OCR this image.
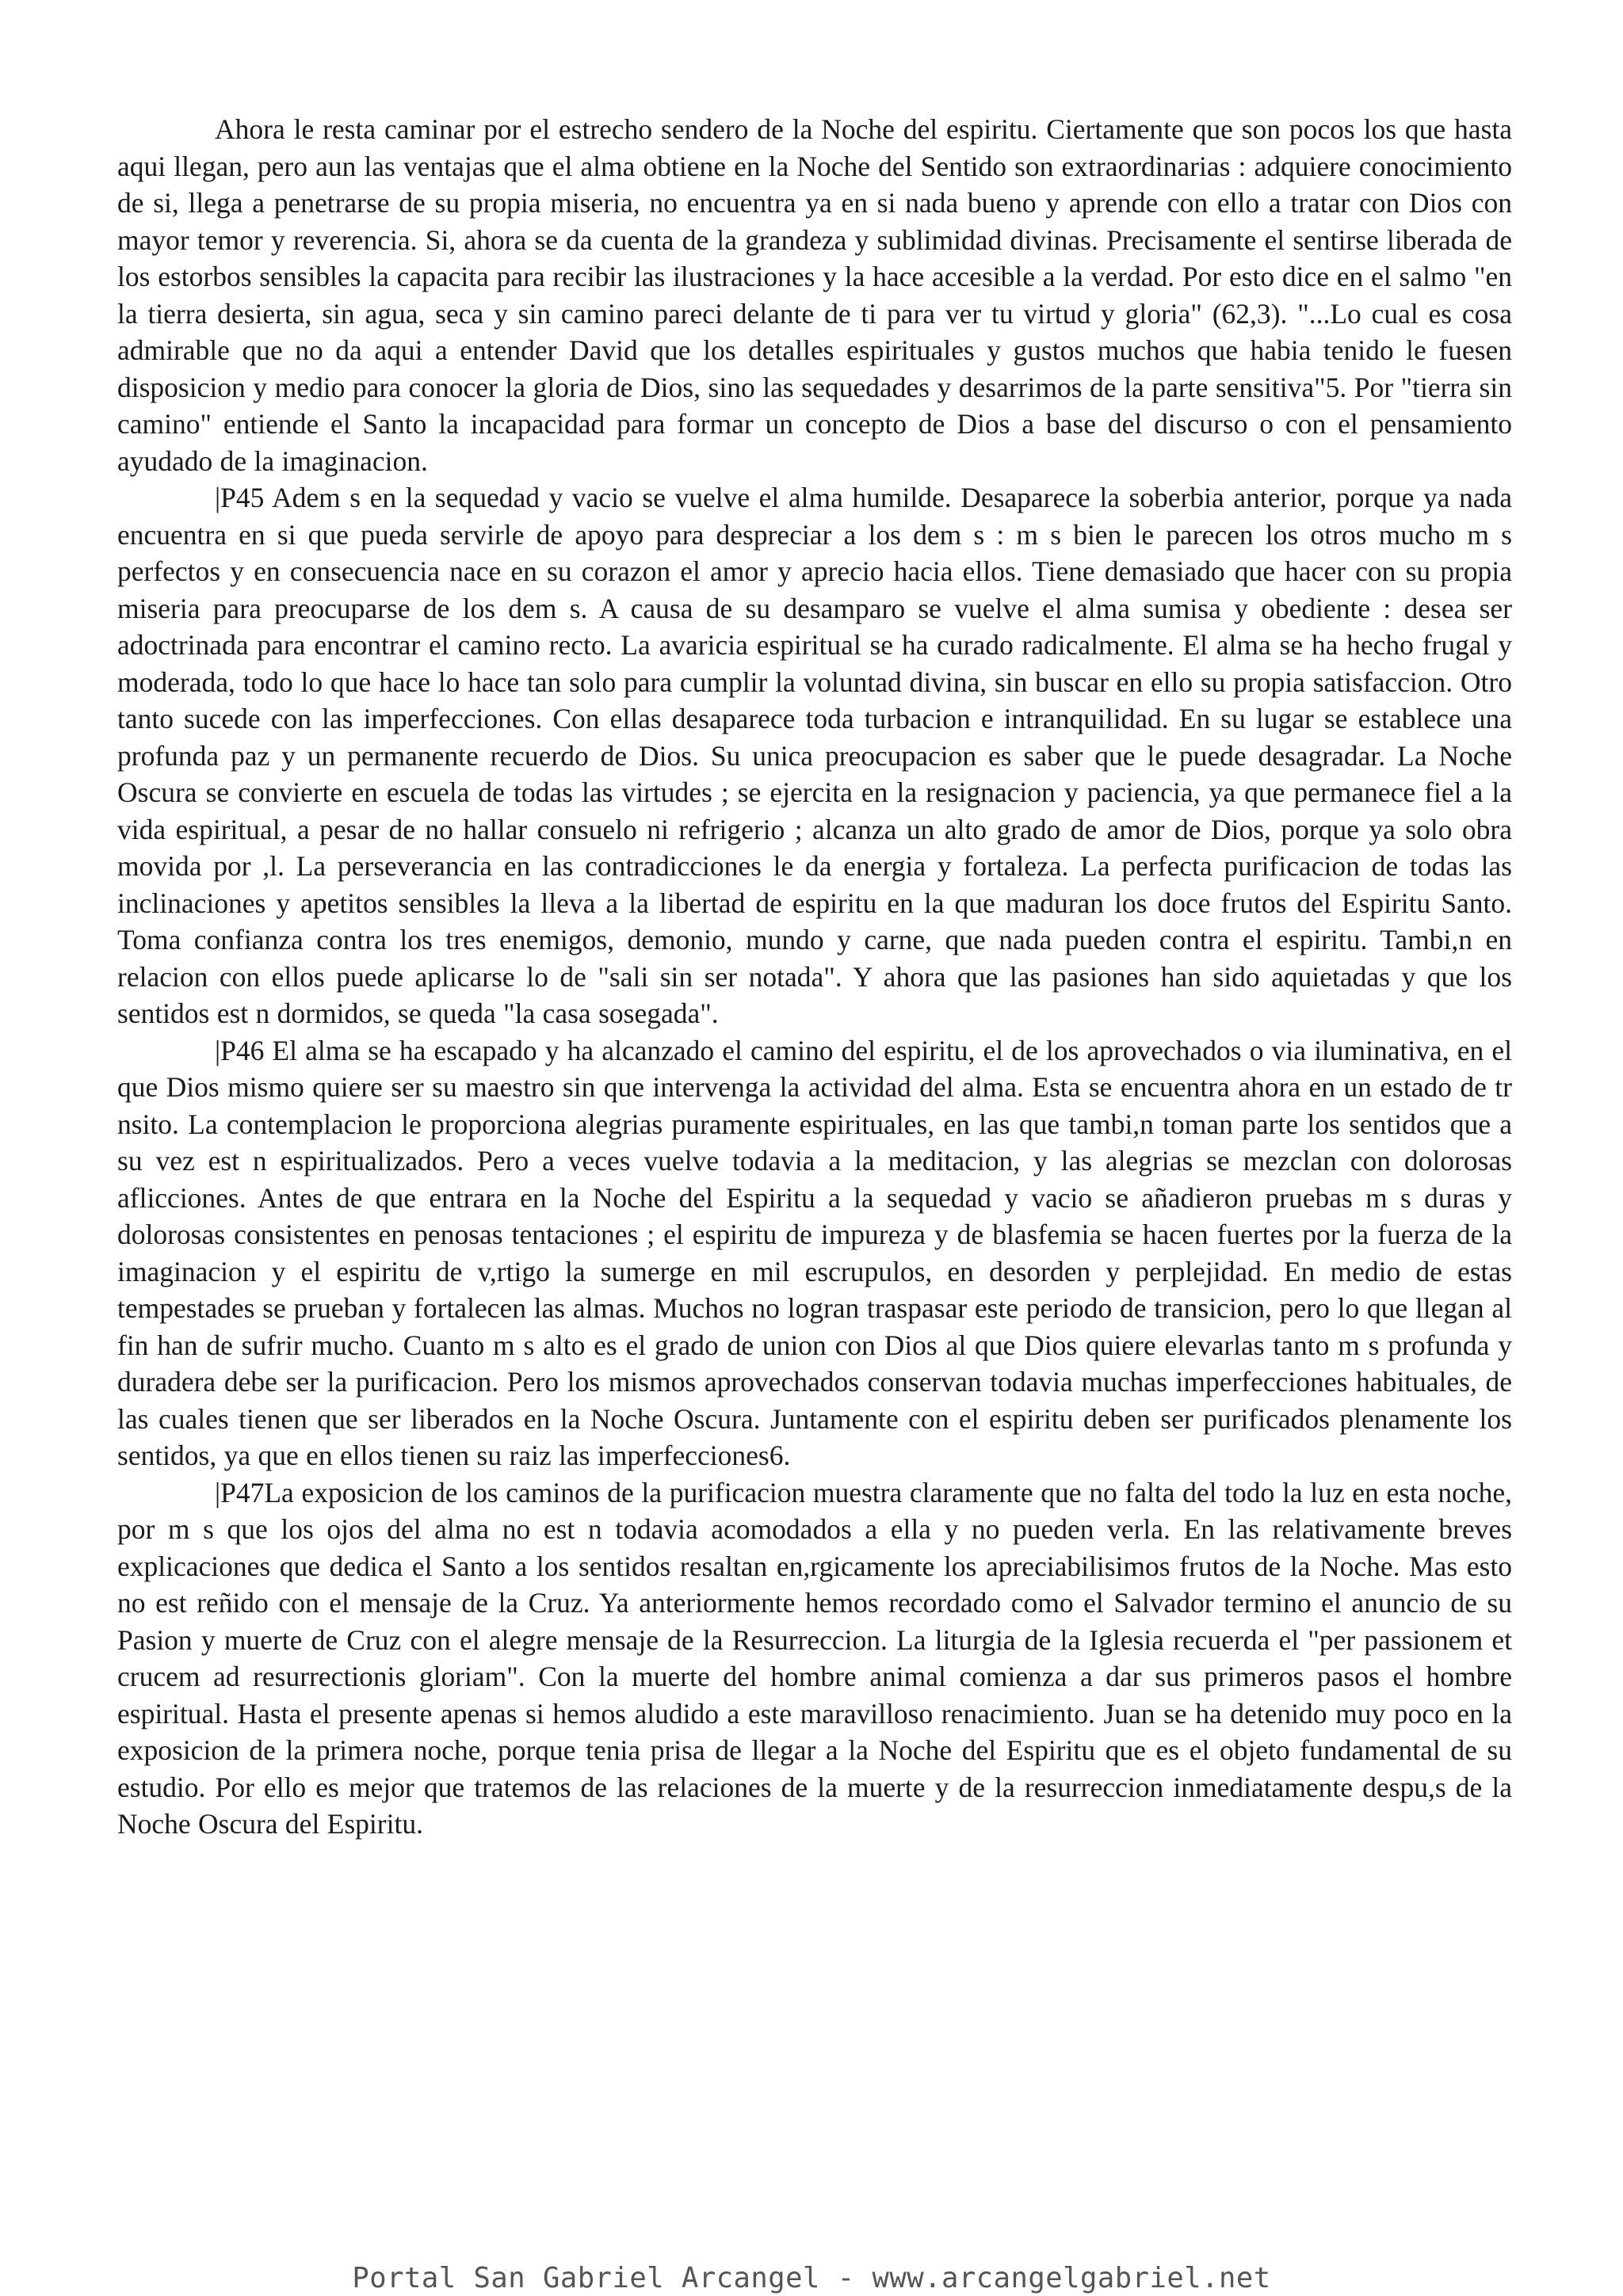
Ahora le resta caminar por el estrecho sendero de la Noche del espiritu. Ciertamente que son pocos los que hasta aqui llegan, pero aun las ventajas que el alma obtiene en la Noche del Sentido son extraordinarias : adquiere conocimiento de si, llega a penetrarse de su propia miseria, no encuentra ya en si nada bueno y aprende con ello a tratar con Dios con mayor temor y reverencia. Si, ahora se da cuenta de la grandeza y sublimidad divinas. Precisamente el sentirse liberada de los estorbos sensibles la capacita para recibir las ilustraciones y la hace accesible a la verdad. Por esto dice en el salmo "en la tierra desierta, sin agua, seca y sin camino pareci delante de ti para ver tu virtud y gloria" (62,3). "...Lo cual es cosa admirable que no da aqui a entender David que los detalles espirituales y gustos muchos que habia tenido le fuesen disposicion y medio para conocer la gloria de Dios, sino las sequedades y desarrimos de la parte sensitiva"5. Por "tierra sin camino" entiende el Santo la incapacidad para formar un concepto de Dios a base del discurso o con el pensamiento ayudado de la imaginacion.

|P45 Adem s en la sequedad y vacio se vuelve el alma humilde. Desaparece la soberbia anterior, porque ya nada encuentra en si que pueda servirle de apoyo para despreciar a los dem s : m s bien le parecen los otros mucho m s perfectos y en consecuencia nace en su corazon el amor y aprecio hacia ellos. Tiene demasiado que hacer con su propia miseria para preocuparse de los dem s. A causa de su desamparo se vuelve el alma sumisa y obediente : desea ser adoctrinada para encontrar el camino recto. La avaricia espiritual se ha curado radicalmente. El alma se ha hecho frugal y moderada, todo lo que hace lo hace tan solo para cumplir la voluntad divina, sin buscar en ello su propia satisfaccion. Otro tanto sucede con las imperfecciones. Con ellas desaparece toda turbacion e intranquilidad. En su lugar se establece una profunda paz y un permanente recuerdo de Dios. Su unica preocupacion es saber que le puede desagradar. La Noche Oscura se convierte en escuela de todas las virtudes ; se ejercita en la resignacion y paciencia, ya que permanece fiel a la vida espiritual, a pesar de no hallar consuelo ni refrigerio ; alcanza un alto grado de amor de Dios, porque ya solo obra movida por ,l. La perseverancia en las contradicciones le da energia y fortaleza. La perfecta purificacion de todas las inclinaciones y apetitos sensibles la lleva a la libertad de espiritu en la que maduran los doce frutos del Espiritu Santo. Toma confianza contra los tres enemigos, demonio, mundo y carne, que nada pueden contra el espiritu. Tambi,n en relacion con ellos puede aplicarse lo de "sali sin ser notada". Y ahora que las pasiones han sido aquietadas y que los sentidos est n dormidos, se queda "la casa sosegada".

|P46 El alma se ha escapado y ha alcanzado el camino del espiritu, el de los aprovechados o via iluminativa, en el que Dios mismo quiere ser su maestro sin que intervenga la actividad del alma. Esta se encuentra ahora en un estado de tr nsito. La contemplacion le proporciona alegrias puramente espirituales, en las que tambi,n toman parte los sentidos que a su vez est n espiritualizados. Pero a veces vuelve todavia a la meditacion, y las alegrias se mezclan con dolorosas aflicciones. Antes de que entrara en la Noche del Espiritu a la sequedad y vacio se añadieron pruebas m s duras y dolorosas consistentes en penosas tentaciones ; el espiritu de impureza y de blasfemia se hacen fuertes por la fuerza de la imaginacion y el espiritu de v,rtigo la sumerge en mil escrupulos, en desorden y perplejidad. En medio de estas tempestades se prueban y fortalecen las almas. Muchos no logran traspasar este periodo de transicion, pero lo que llegan al fin han de sufrir mucho. Cuanto m s alto es el grado de union con Dios al que Dios quiere elevarlas tanto m s profunda y duradera debe ser la purificacion. Pero los mismos aprovechados conservan todavia muchas imperfecciones habituales, de las cuales tienen que ser liberados en la Noche Oscura. Juntamente con el espiritu deben ser purificados plenamente los sentidos, ya que en ellos tienen su raiz las imperfecciones6.

|P47La exposicion de los caminos de la purificacion muestra claramente que no falta del todo la luz en esta noche, por m s que los ojos del alma no est n todavia acomodados a ella y no pueden verla. En las relativamente breves explicaciones que dedica el Santo a los sentidos resaltan en,rgicamente los apreciabilisimos frutos de la Noche. Mas esto no est reñido con el mensaje de la Cruz. Ya anteriormente hemos recordado como el Salvador termino el anuncio de su Pasion y muerte de Cruz con el alegre mensaje de la Resurreccion. La liturgia de la Iglesia recuerda el "per passionem et crucem ad resurrectionis gloriam". Con la muerte del hombre animal comienza a dar sus primeros pasos el hombre espiritual. Hasta el presente apenas si hemos aludido a este maravilloso renacimiento. Juan se ha detenido muy poco en la exposicion de la primera noche, porque tenia prisa de llegar a la Noche del Espiritu que es el objeto fundamental de su estudio. Por ello es mejor que tratemos de las relaciones de la muerte y de la resurreccion inmediatamente despu,s de la Noche Oscura del Espiritu.

Portal San Gabriel Arcangel - www.arcangelgabriel.net
